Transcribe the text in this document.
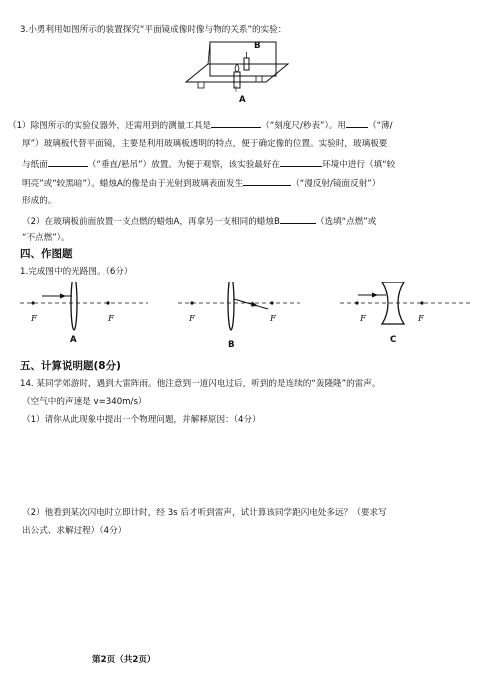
3.小勇利用如图所示的装置探究“平面镜成像时像与物的关系”的实验：
B
A
（1）除图所示的实验仪器外，还需用到的测量工具是	（“刻度尺/秒表”）。用	（“薄/
厚”）玻璃板代替平面镜，主要是利用玻璃板透明的特点，便于确定像的位置。实验时，玻璃板要
与纸面	（“垂直/悬吊”）放置。为便于观察，该实验最好在	环境中进行（填“较
明亮”或“较黑暗”）。蜡烛A的像是由于光射到玻璃表面发生	（“漫反射/镜面反射”）
形成的。
（2）在玻璃板前面放置一支点燃的蜡烛A，再拿另一支相同的蜡烛B	（选填“点燃”或
“不点燃”）。
四、作图题
1.完成图中的光路图。（6分）
F	F	F	F	F	F
A	B	C
五、计算说明题(8分)
14. 某同学郊游时，遇到大雷阵雨。他注意到一道闪电过后，听到的是连续的“轰隆隆”的雷声。
（空气中的声速是 v=340m/s）
（1）请你从此现象中提出一个物理问题，并解释原因：（4分）
（2）他看到某次闪电时立即计时，经 3s 后才听到雷声，试计算该同学距闪电处多远？（要求写
出公式、求解过程）（4分）
第2页（共2页）
